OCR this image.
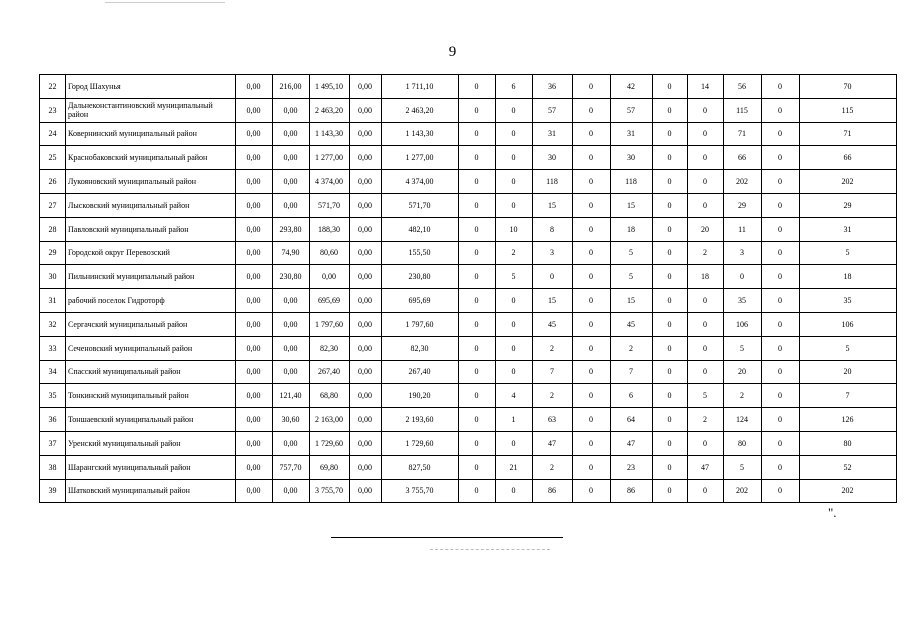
9
22	Город Шахунья	0,00	216,00	1 495,10	0,00	1 711,10	0	6	36	0	42	0	14	56	0	70
23	Дальнеконстантиновский муниципальный район	0,00	0,00	2 463,20	0,00	2 463,20	0	0	57	0	57	0	0	115	0	115
24	Ковернинский муниципальный район	0,00	0,00	1 143,30	0,00	1 143,30	0	0	31	0	31	0	0	71	0	71
25	Краснобаковский муниципальный район	0,00	0,00	1 277,00	0,00	1 277,00	0	0	30	0	30	0	0	66	0	66
26	Лукояновский муниципальный район	0,00	0,00	4 374,00	0,00	4 374,00	0	0	118	0	118	0	0	202	0	202
27	Лысковский муниципальный район	0,00	0,00	571,70	0,00	571,70	0	0	15	0	15	0	0	29	0	29
28	Павловский муниципальный район	0,00	293,80	188,30	0,00	482,10	0	10	8	0	18	0	20	11	0	31
29	Городской округ Перевозский	0,00	74,90	80,60	0,00	155,50	0	2	3	0	5	0	2	3	0	5
30	Пильнинский муниципальный район	0,00	230,80	0,00	0,00	230,80	0	5	0	0	5	0	18	0	0	18
31	рабочий поселок Гидроторф	0,00	0,00	695,69	0,00	695,69	0	0	15	0	15	0	0	35	0	35
32	Сергачский муниципальный район	0,00	0,00	1 797,60	0,00	1 797,60	0	0	45	0	45	0	0	106	0	106
33	Сеченовский муниципальный район	0,00	0,00	82,30	0,00	82,30	0	0	2	0	2	0	0	5	0	5
34	Спасский муниципальный район	0,00	0,00	267,40	0,00	267,40	0	0	7	0	7	0	0	20	0	20
35	Тонкинский муниципальный район	0,00	121,40	68,80	0,00	190,20	0	4	2	0	6	0	5	2	0	7
36	Тоншаевский муниципальный район	0,00	30,60	2 163,00	0,00	2 193,60	0	1	63	0	64	0	2	124	0	126
37	Уренский муниципальный район	0,00	0,00	1 729,60	0,00	1 729,60	0	0	47	0	47	0	0	80	0	80
38	Шарангский муниципальный район	0,00	757,70	69,80	0,00	827,50	0	21	2	0	23	0	47	5	0	52
39	Шатковский муниципальный район	0,00	0,00	3 755,70	0,00	3 755,70	0	0	86	0	86	0	0	202	0	202
".
